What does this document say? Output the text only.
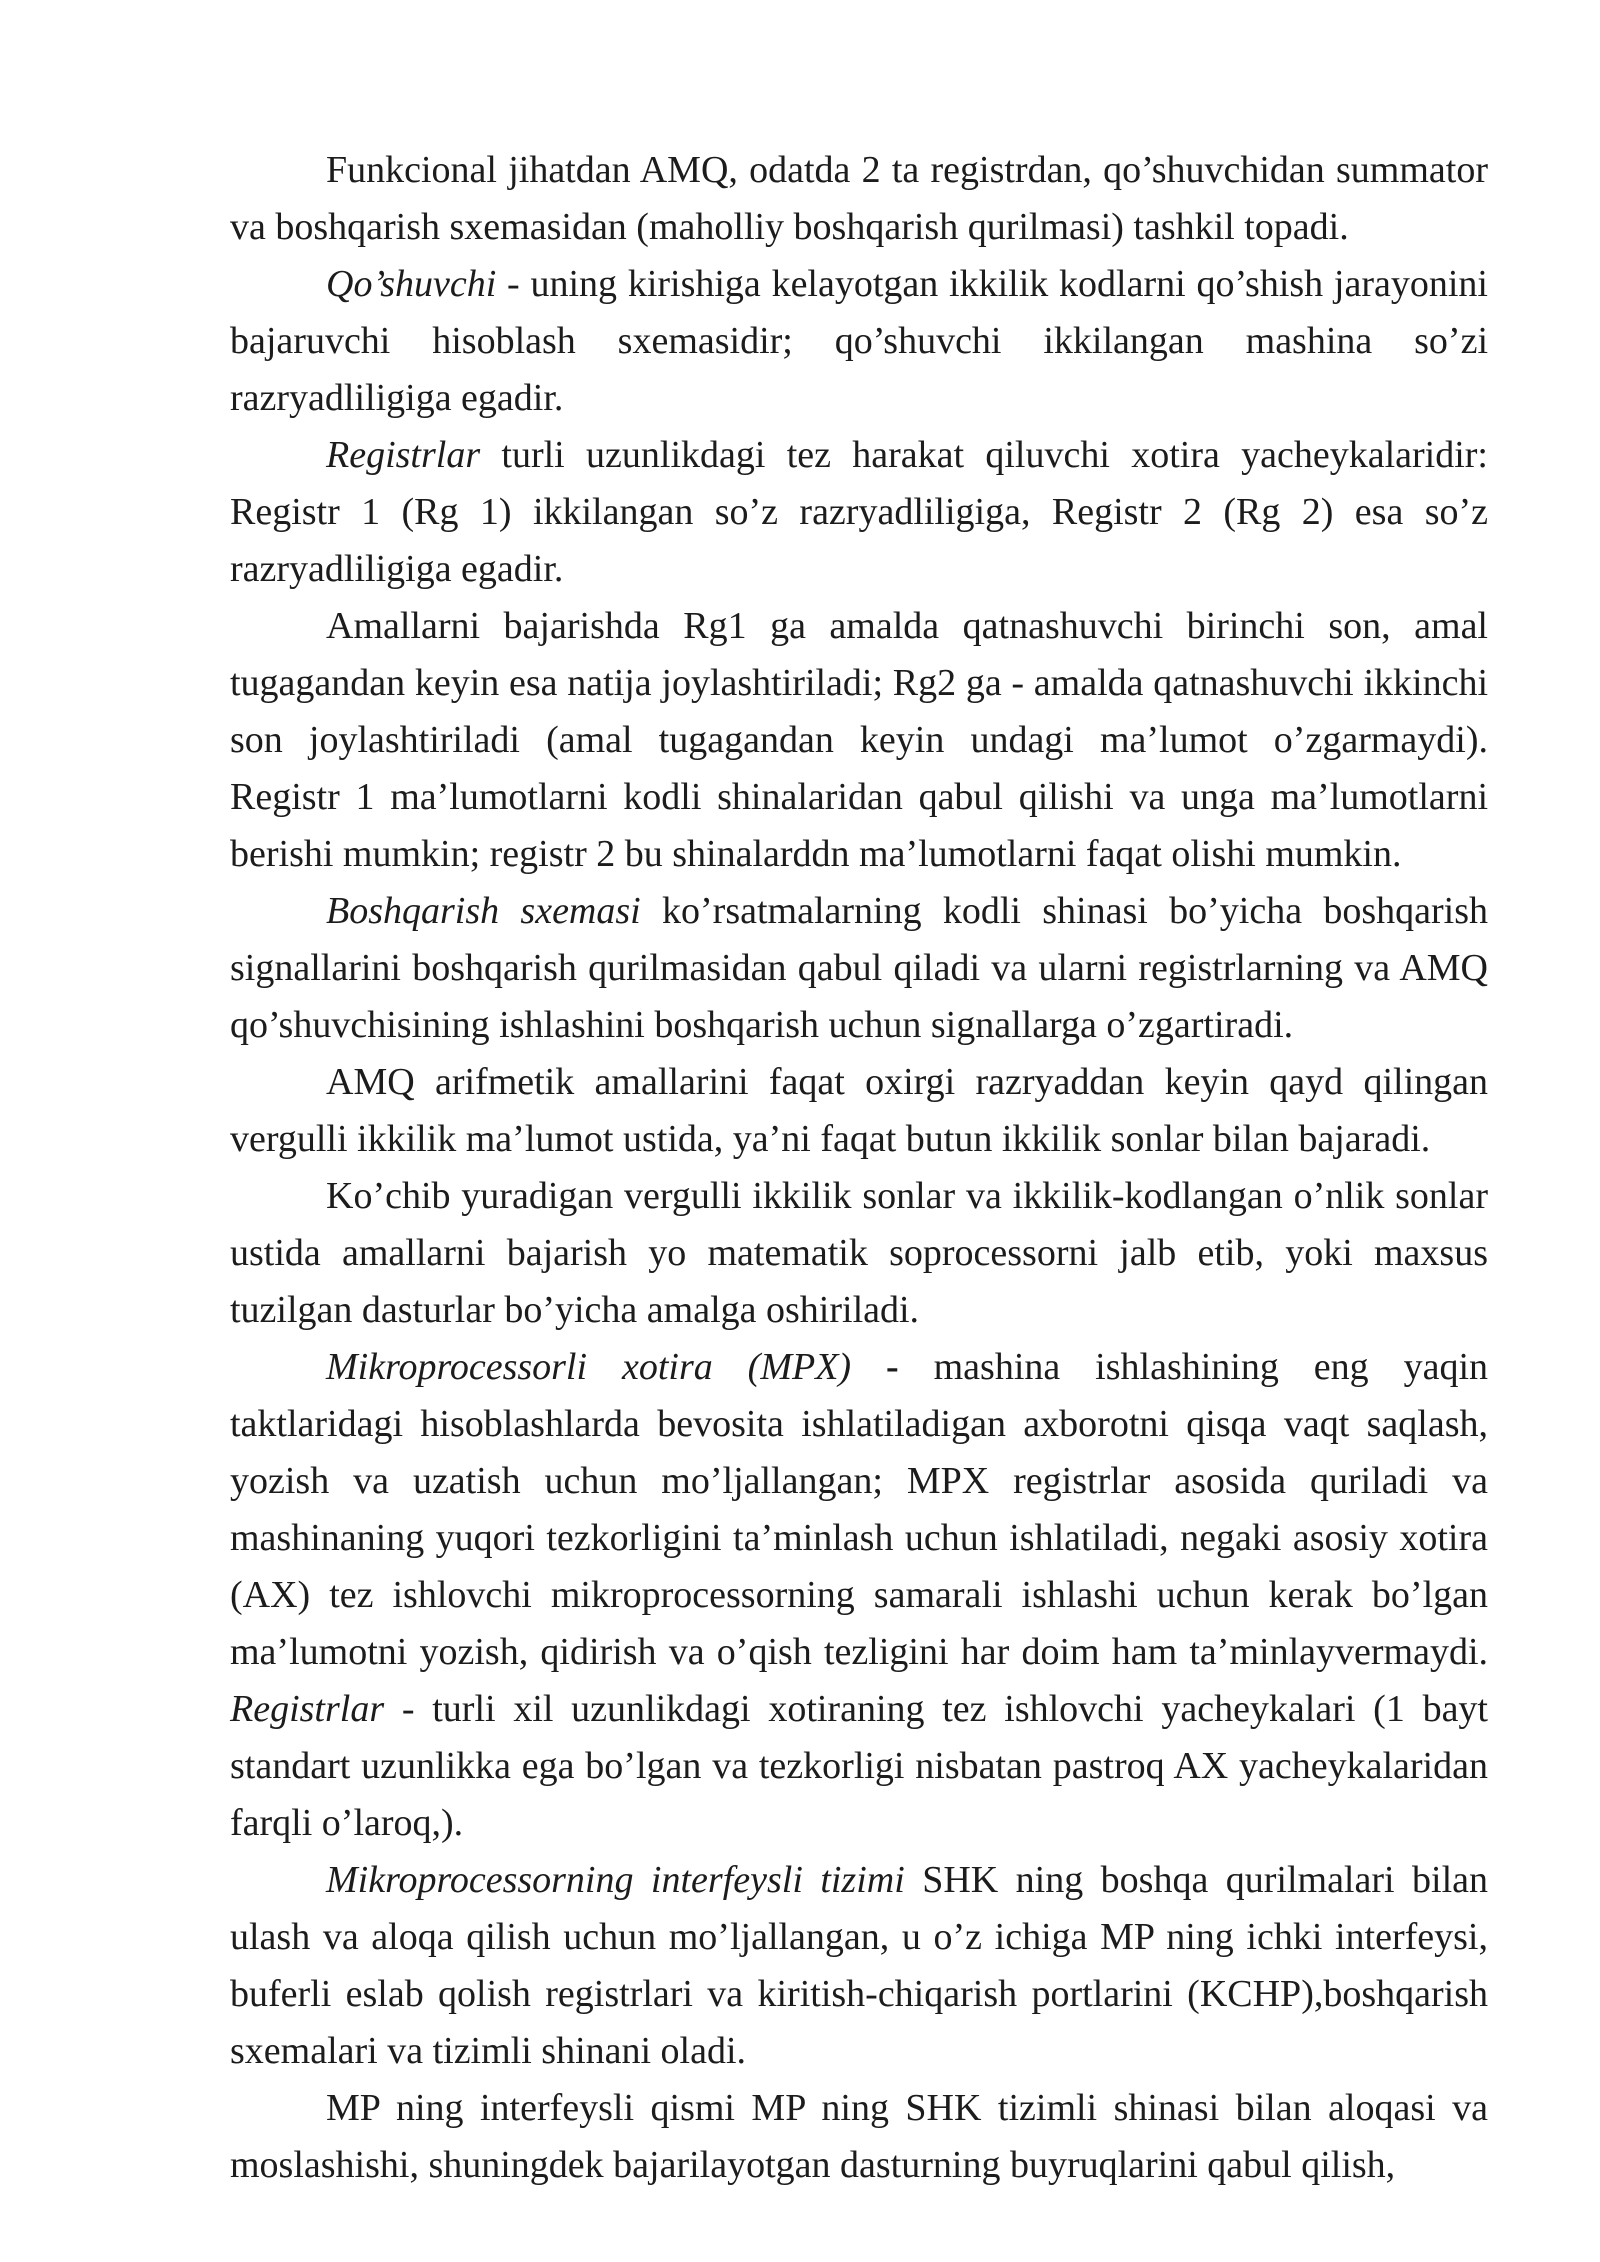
Funkcional jihatdan AMQ, odatda 2 ta registrdan, qo’shuvchidan summator va boshqarish sxemasidan (maholliy boshqarish qurilmasi) tashkil topadi.

Qo’shuvchi - uning kirishiga kelayotgan ikkilik kodlarni qo’shish jarayonini bajaruvchi hisoblash sxemasidir; qo’shuvchi ikkilangan mashina so’zi razryadliligiga egadir.

Registrlar turli uzunlikdagi tez harakat qiluvchi xotira yacheykalaridir: Registr 1 (Rg 1) ikkilangan so’z razryadliligiga, Registr 2 (Rg 2) esa so’z razryadliligiga egadir.

Amallarni bajarishda Rg1 ga amalda qatnashuvchi birinchi son, amal tugagandan keyin esa natija joylashtiriladi; Rg2 ga - amalda qatnashuvchi ikkinchi son joylashtiriladi (amal tugagandan keyin undagi ma’lumot o’zgarmaydi). Registr 1 ma’lumotlarni kodli shinalaridan qabul qilishi va unga ma’lumotlarni berishi mumkin; registr 2 bu shinalarddn ma’lumotlarni faqat olishi mumkin.

Boshqarish sxemasi ko’rsatmalarning kodli shinasi bo’yicha boshqarish signallarini boshqarish qurilmasidan qabul qiladi va ularni registrlarning va AMQ qo’shuvchisining ishlashini boshqarish uchun signallarga o’zgartiradi.

AMQ arifmetik amallarini faqat oxirgi razryaddan keyin qayd qilingan vergulli ikkilik ma’lumot ustida, ya’ni faqat butun ikkilik sonlar bilan bajaradi.

Ko’chib yuradigan vergulli ikkilik sonlar va ikkilik-kodlangan o’nlik sonlar ustida amallarni bajarish yo matematik soprocessorni jalb etib, yoki maxsus tuzilgan dasturlar bo’yicha amalga oshiriladi.

Mikroprocessorli xotira (MPX) - mashina ishlashining eng yaqin taktlaridagi hisoblashlarda bevosita ishlatiladigan axborotni qisqa vaqt saqlash, yozish va uzatish uchun mo’ljallangan; MPX registrlar asosida quriladi va mashinaning yuqori tezkorligini ta’minlash uchun ishlatiladi, negaki asosiy xotira (AX) tez ishlovchi mikroprocessorning samarali ishlashi uchun kerak bo’lgan ma’lumotni yozish, qidirish va o’qish tezligini har doim ham ta’minlayvermaydi. Registrlar - turli xil uzunlikdagi xotiraning tez ishlovchi yacheykalari (1 bayt standart uzunlikka ega bo’lgan va tezkorligi nisbatan pastroq AX yacheykalaridan farqli o’laroq,).

Mikroprocessorning interfeysli tizimi SHK ning boshqa qurilmalari bilan ulash va aloqa qilish uchun mo’ljallangan, u o’z ichiga MP ning ichki interfeysi, buferli eslab qolish registrlari va kiritish-chiqarish portlarini (KCHP),boshqarish sxemalari va tizimli shinani oladi.

MP ning interfeysli qismi MP ning SHK tizimli shinasi bilan aloqasi va moslashishi, shuningdek bajarilayotgan dasturning buyruqlarini qabul qilish,
